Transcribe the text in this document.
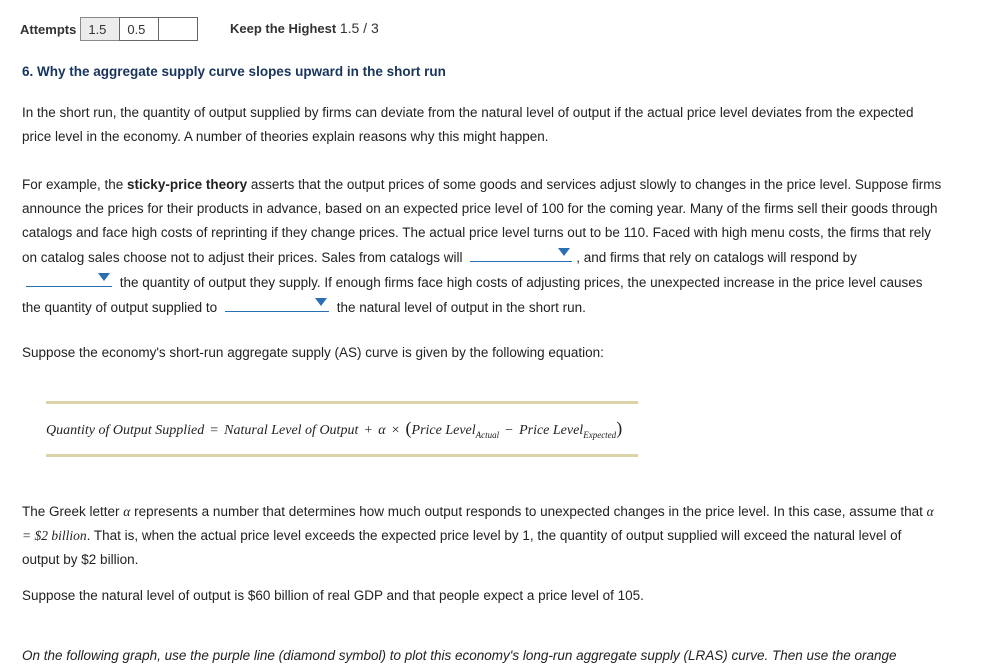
Attempts 1.5	0.5	Keep the Highest 1.5 / 3
6. Why the aggregate supply curve slopes upward in the short run

In the short run, the quantity of output supplied by firms can deviate from the natural level of output if the actual price level deviates from the expected price level in the economy. A number of theories explain reasons why this might happen.

For example, the sticky-price theory asserts that the output prices of some goods and services adjust slowly to changes in the price level. Suppose firms announce the prices for their products in advance, based on an expected price level of 100 for the coming year. Many of the firms sell their goods through catalogs and face high costs of reprinting if they change prices. The actual price level turns out to be 110. Faced with high menu costs, the firms that rely on catalog sales choose not to adjust their prices. Sales from catalogs will	, and firms that rely on catalogs will respond by
the quantity of output they supply. If enough firms face high costs of adjusting prices, the unexpected increase in the price level causes the quantity of output supplied to	the natural level of output in the short run.

Suppose the economy's short-run aggregate supply (AS) curve is given by the following equation:

Quantity of Output Supplied = Natural Level of Output + α × (Price Level$_{Actual}$ − Price Level$_{Expected}$)

The Greek letter α represents a number that determines how much output responds to unexpected changes in the price level. In this case, assume that α = $2 billion. That is, when the actual price level exceeds the expected price level by 1, the quantity of output supplied will exceed the natural level of output by $2 billion.

Suppose the natural level of output is $60 billion of real GDP and that people expect a price level of 105.

On the following graph, use the purple line (diamond symbol) to plot this economy's long-run aggregate supply (LRAS) curve. Then use the orange
